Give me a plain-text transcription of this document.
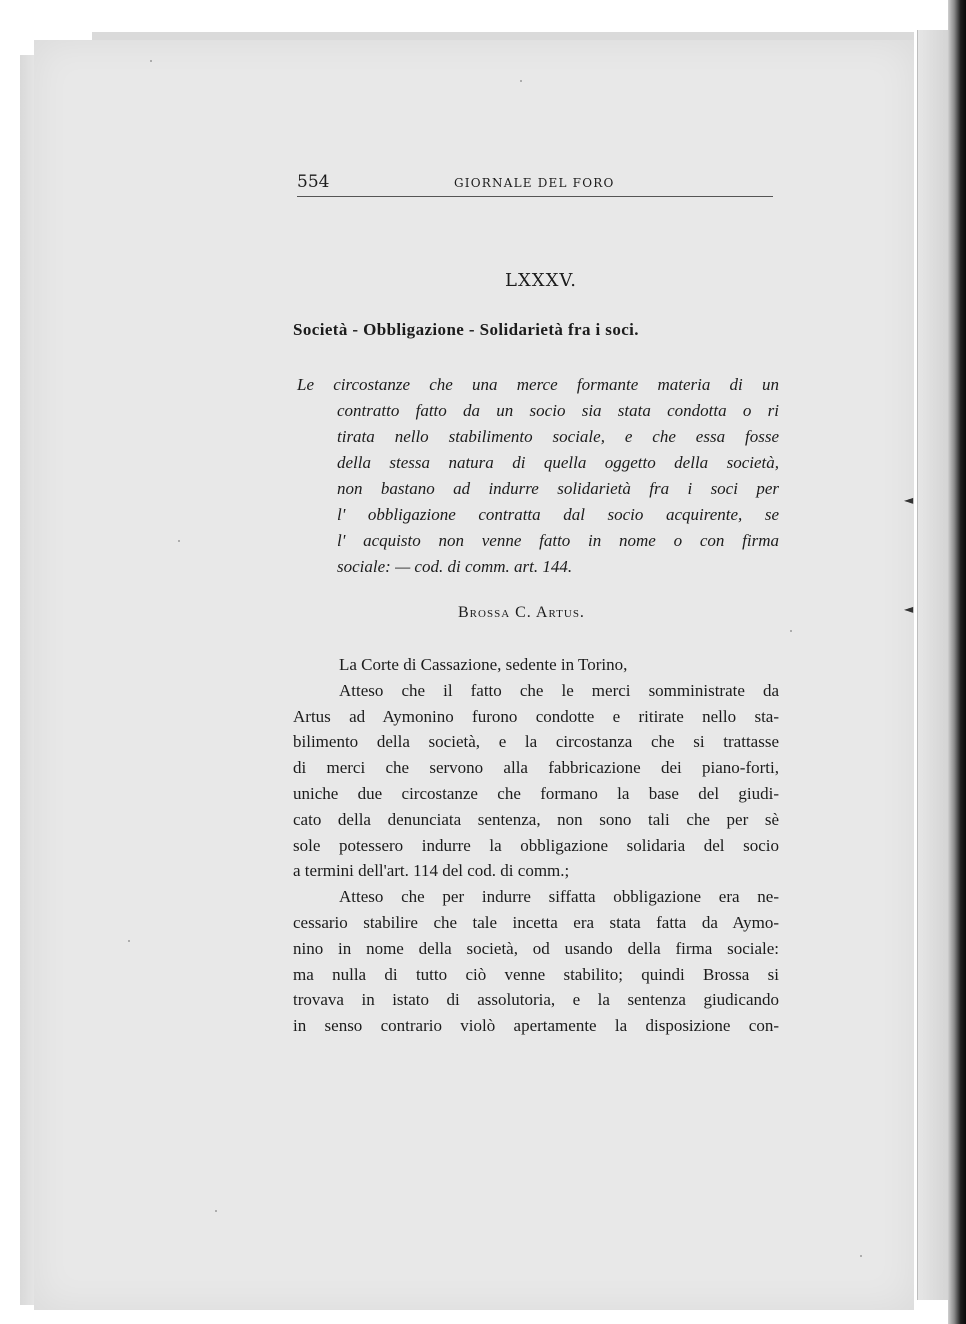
◄
◄
554	GIORNALE DEL FORO
LXXXV.
Società - Obbligazione - Solidarietà fra i soci.
Le circostanze che una merce formante materia di un
contratto fatto da un socio sia stata condotta o ri
tirata nello stabilimento sociale, e che essa fosse
della stessa natura di quella oggetto della società,
non bastano ad indurre solidarietà fra i soci per
l' obbligazione contratta dal socio acquirente, se
l' acquisto non venne fatto in nome o con firma
sociale: — cod. di comm. art. 144.
Brossa C. Artus.
La Corte di Cassazione, sedente in Torino,
Atteso che il fatto che le merci somministrate da
Artus ad Aymonino furono condotte e ritirate nello sta-
bilimento della società, e la circostanza che si trattasse
di merci che servono alla fabbricazione dei piano-forti,
uniche due circostanze che formano la base del giudi-
cato della denunciata sentenza, non sono tali che per sè
sole potessero indurre la obbligazione solidaria del socio
a termini dell'art. 114 del cod. di comm.;
Atteso che per indurre siffatta obbligazione era ne-
cessario stabilire che tale incetta era stata fatta da Aymo-
nino in nome della società, od usando della firma sociale:
ma nulla di tutto ciò venne stabilito; quindi Brossa si
trovava in istato di assolutoria, e la sentenza giudicando
in senso contrario violò apertamente la disposizione con-
